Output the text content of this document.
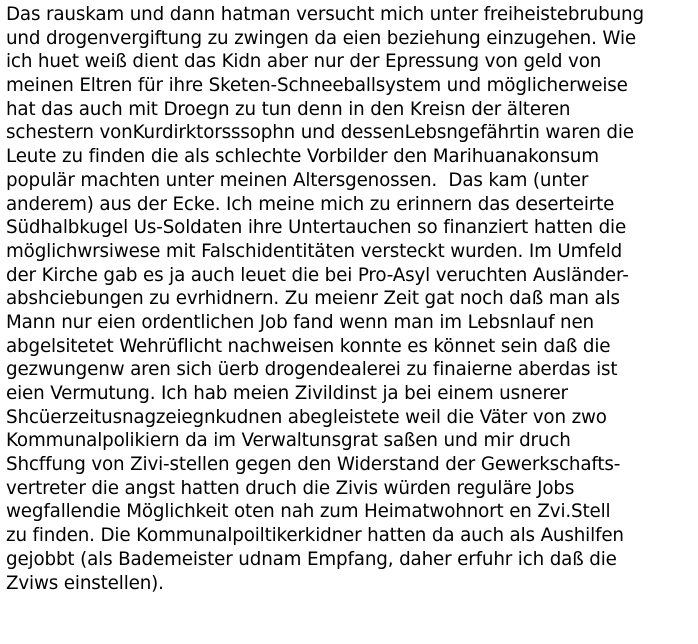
Das rauskam und dann hatman versucht mich unter freiheistebrubung
und drogenvergiftung zu zwingen da eien beziehung einzugehen. Wie
ich huet weiß dient das Kidn aber nur der Epressung von geld von
meinen Eltren für ihre Sketen-Schneeballsystem und möglicherweise
hat das auch mit Droegn zu tun denn in den Kreisn der älteren
schestern vonKurdirktorsssophn und dessenLebsngefährtin waren die
Leute zu finden die als schlechte Vorbilder den Marihuanakonsum
populär machten unter meinen Altersgenossen.  Das kam (unter
anderem) aus der Ecke. Ich meine mich zu erinnern das deserteirte
Südhalbkugel Us-Soldaten ihre Untertauchen so finanziert hatten die
möglichwrsiwese mit Falschidentitäten versteckt wurden. Im Umfeld
der Kirche gab es ja auch leuet die bei Pro-Asyl veruchten Ausländer-
abshciebungen zu evrhidnern. Zu meienr Zeit gat noch daß man als
Mann nur eien ordentlichen Job fand wenn man im Lebsnlauf nen
abgelsitetet Wehrüflicht nachweisen konnte es könnet sein daß die
gezwungenw aren sich üerb drogendealerei zu finaierne aberdas ist
eien Vermutung. Ich hab meien Zivildinst ja bei einem usnerer
Shcüerzeitusnagzeiegnkudnen abegleistete weil die Väter von zwo
Kommunalpolikiern da im Verwaltunsgrat saßen und mir druch
Shcffung von Zivi-stellen gegen den Widerstand der Gewerkschafts-
vertreter die angst hatten druch die Zivis würden reguläre Jobs
wegfallendie Möglichkeit oten nah zum Heimatwohnort en Zvi.Stell
zu finden. Die Kommunalpoiltikerkidner hatten da auch als Aushilfen
gejobbt (als Bademeister udnam Empfang, daher erfuhr ich daß die
Zviws einstellen).
